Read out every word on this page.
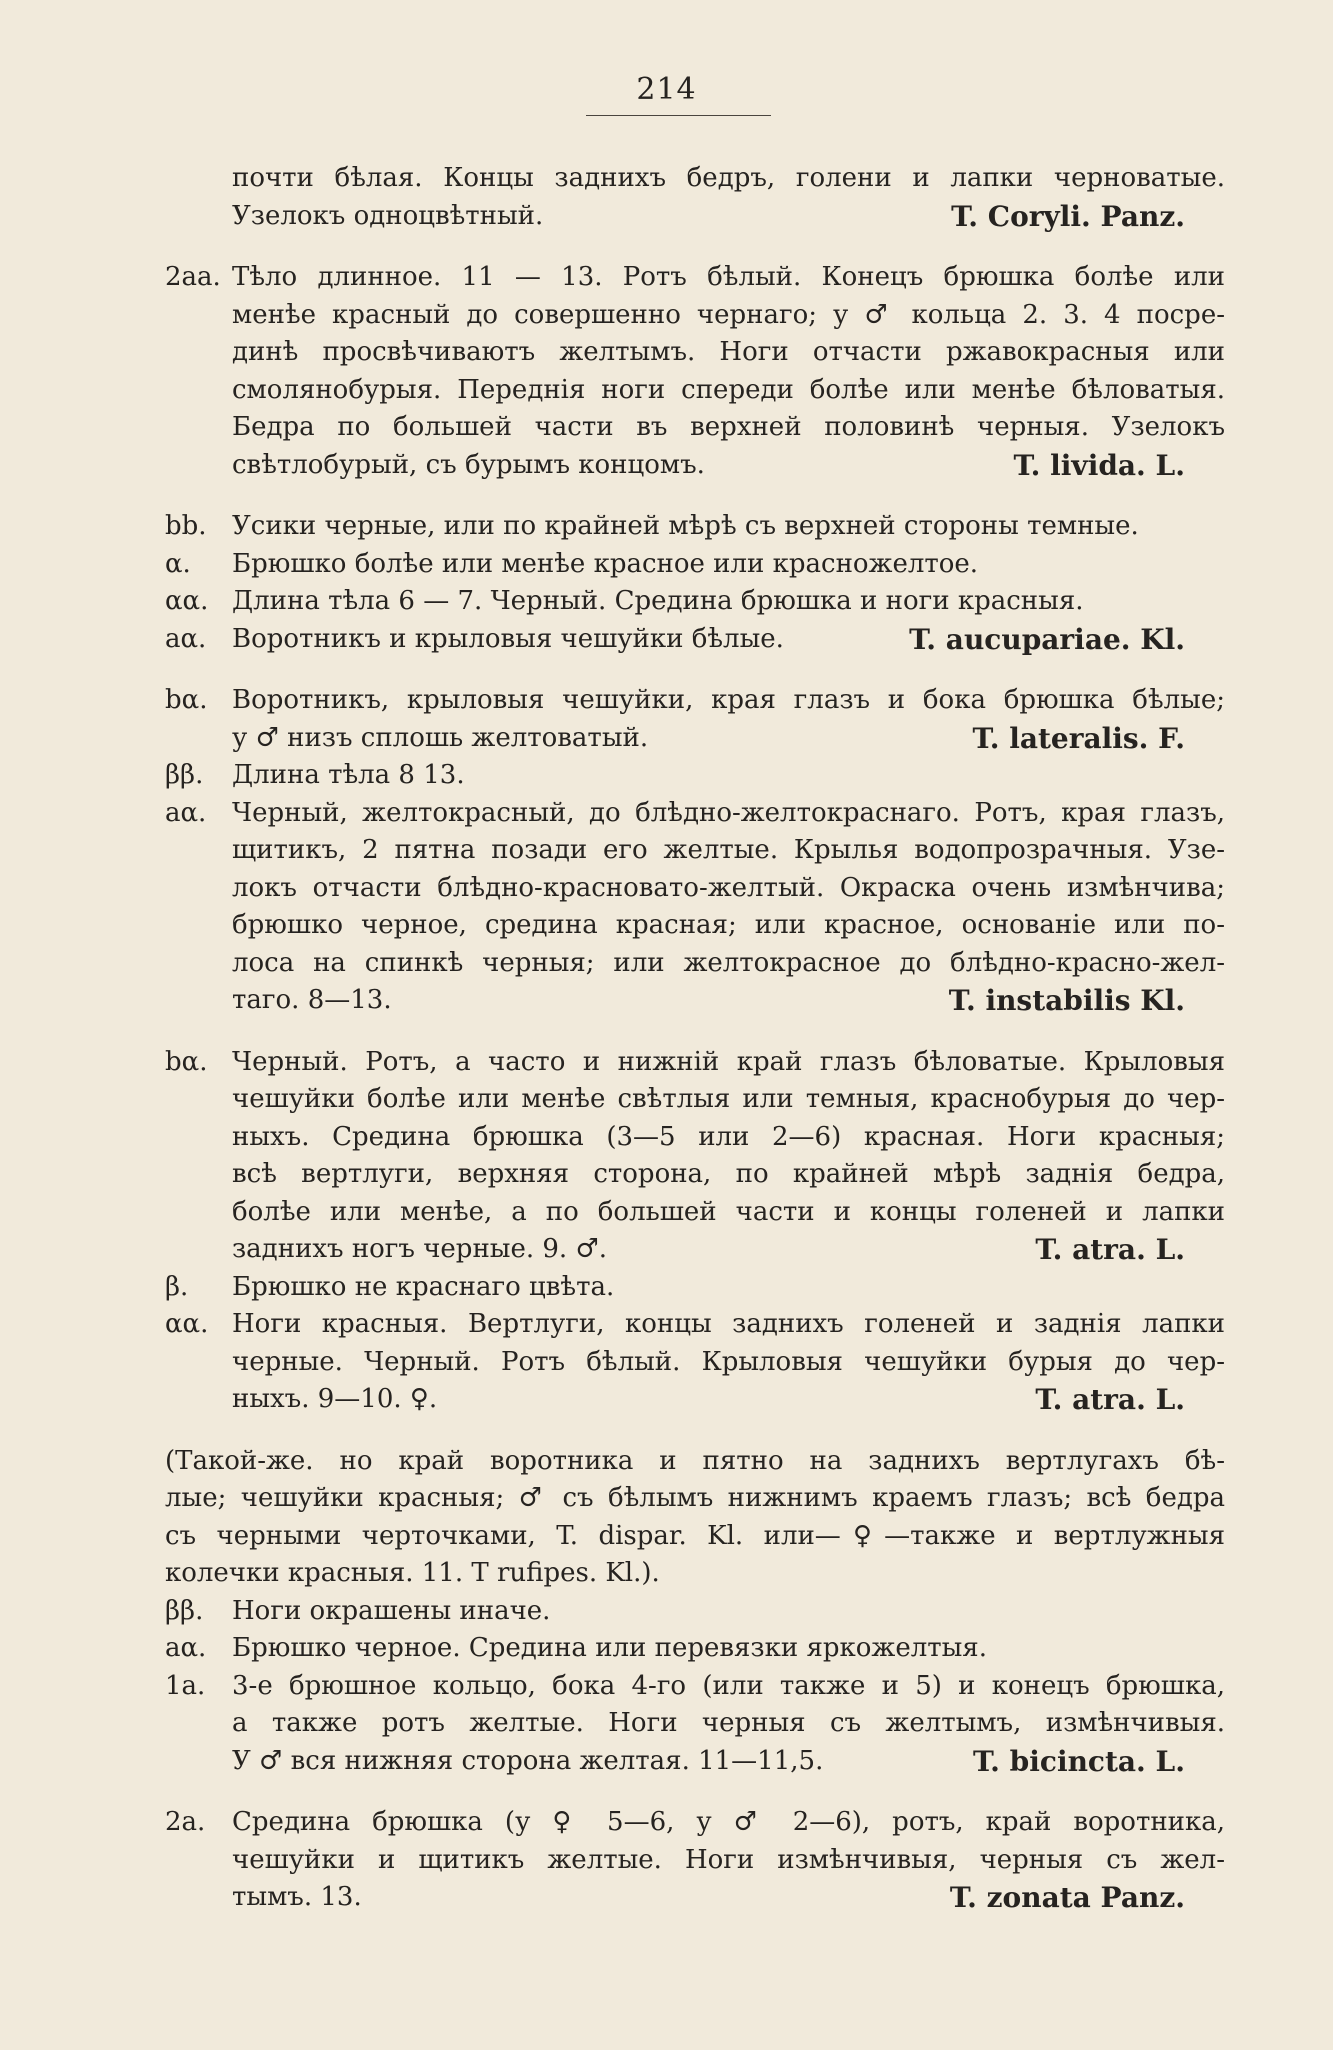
214
почти бѣлая. Концы заднихъ бедръ, голени и лапки черноватые.
Узелокъ одноцвѣтный.	T. Coryli. Panz.
2aa. Тѣло длинное. 11 — 13. Ротъ бѣлый. Конецъ брюшка болѣе или
менѣе красный до совершенно чернаго; у ♂ кольца 2. 3. 4 посре-
динѣ просвѣчиваютъ желтымъ. Ноги отчасти ржавокрасныя или
смолянобурыя. Переднія ноги спереди болѣе или менѣе бѣловатыя.
Бедра по большей части въ верхней половинѣ черныя. Узелокъ
свѣтлобурый, съ бурымъ концомъ.	T. livida. L.
bb. Усики черные, или по крайней мѣрѣ съ верхней стороны темные.
α.	Брюшко болѣе или менѣе красное или красножелтое.
αα. Длина тѣла 6 — 7. Черный. Средина брюшка и ноги красныя.
aα. Воротникъ и крыловыя чешуйки бѣлые.	T. aucupariae. Kl.
bα. Воротникъ, крыловыя чешуйки, края глазъ и бока брюшка бѣлые;
у ♂ низъ сплошь желтоватый.	T. lateralis. F.
ββ.	Длина тѣла 8 13.
aα. Черный, желтокрасный, до блѣдно-желтокраснаго. Ротъ, края глазъ,
щитикъ, 2 пятна позади его желтые. Крылья водопрозрачныя. Узе-
локъ отчасти блѣдно-красновато-желтый. Окраска очень измѣнчива;
брюшко черное, средина красная; или красное, основаніе или по-
лоса на спинкѣ черныя; или желтокрасное до блѣдно-красно-жел-
таго. 8—13.	T. instabilis Kl.
bα. Черный. Ротъ, а часто и нижній край глазъ бѣловатые. Крыловыя
чешуйки болѣе или менѣе свѣтлыя или темныя, краснобурыя до чер-
ныхъ. Средина брюшка (3—5 или 2—6) красная. Ноги красныя;
всѣ вертлуги, верхняя сторона, по крайней мѣрѣ заднія бедра,
болѣе или менѣе, а по большей части и концы голеней и лапки
заднихъ ногъ черные. 9. ♂.	T. atra. L.
β.	Брюшко не краснаго цвѣта.
αα. Ноги красныя. Вертлуги, концы заднихъ голеней и заднія лапки
черные. Черный. Ротъ бѣлый. Крыловыя чешуйки бурыя до чер-
ныхъ. 9—10. ♀.	T. atra. L.
(Такой-же. но край воротника и пятно на заднихъ вертлугахъ бѣ-
лые; чешуйки красныя; ♂ съ бѣлымъ нижнимъ краемъ глазъ; всѣ бедра
съ черными черточками, T. dispar. Kl. или—♀—также и вертлужныя
колечки красныя. 11. T rufipes. Kl.).
ββ.	Ноги окрашены иначе.
aα. Брюшко черное. Средина или перевязки яркожелтыя.
1a.	3-е брюшное кольцо, бока 4-го (или также и 5) и конецъ брюшка,
а также ротъ желтые. Ноги черныя съ желтымъ, измѣнчивыя.
У ♂ вся нижняя сторона желтая. 11—11,5.	T. bicincta. L.
2a.	Средина брюшка (у ♀ 5—6, у ♂ 2—6), ротъ, край воротника,
чешуйки и щитикъ желтые. Ноги измѣнчивыя, черныя съ жел-
тымъ. 13.	T. zonata Panz.
